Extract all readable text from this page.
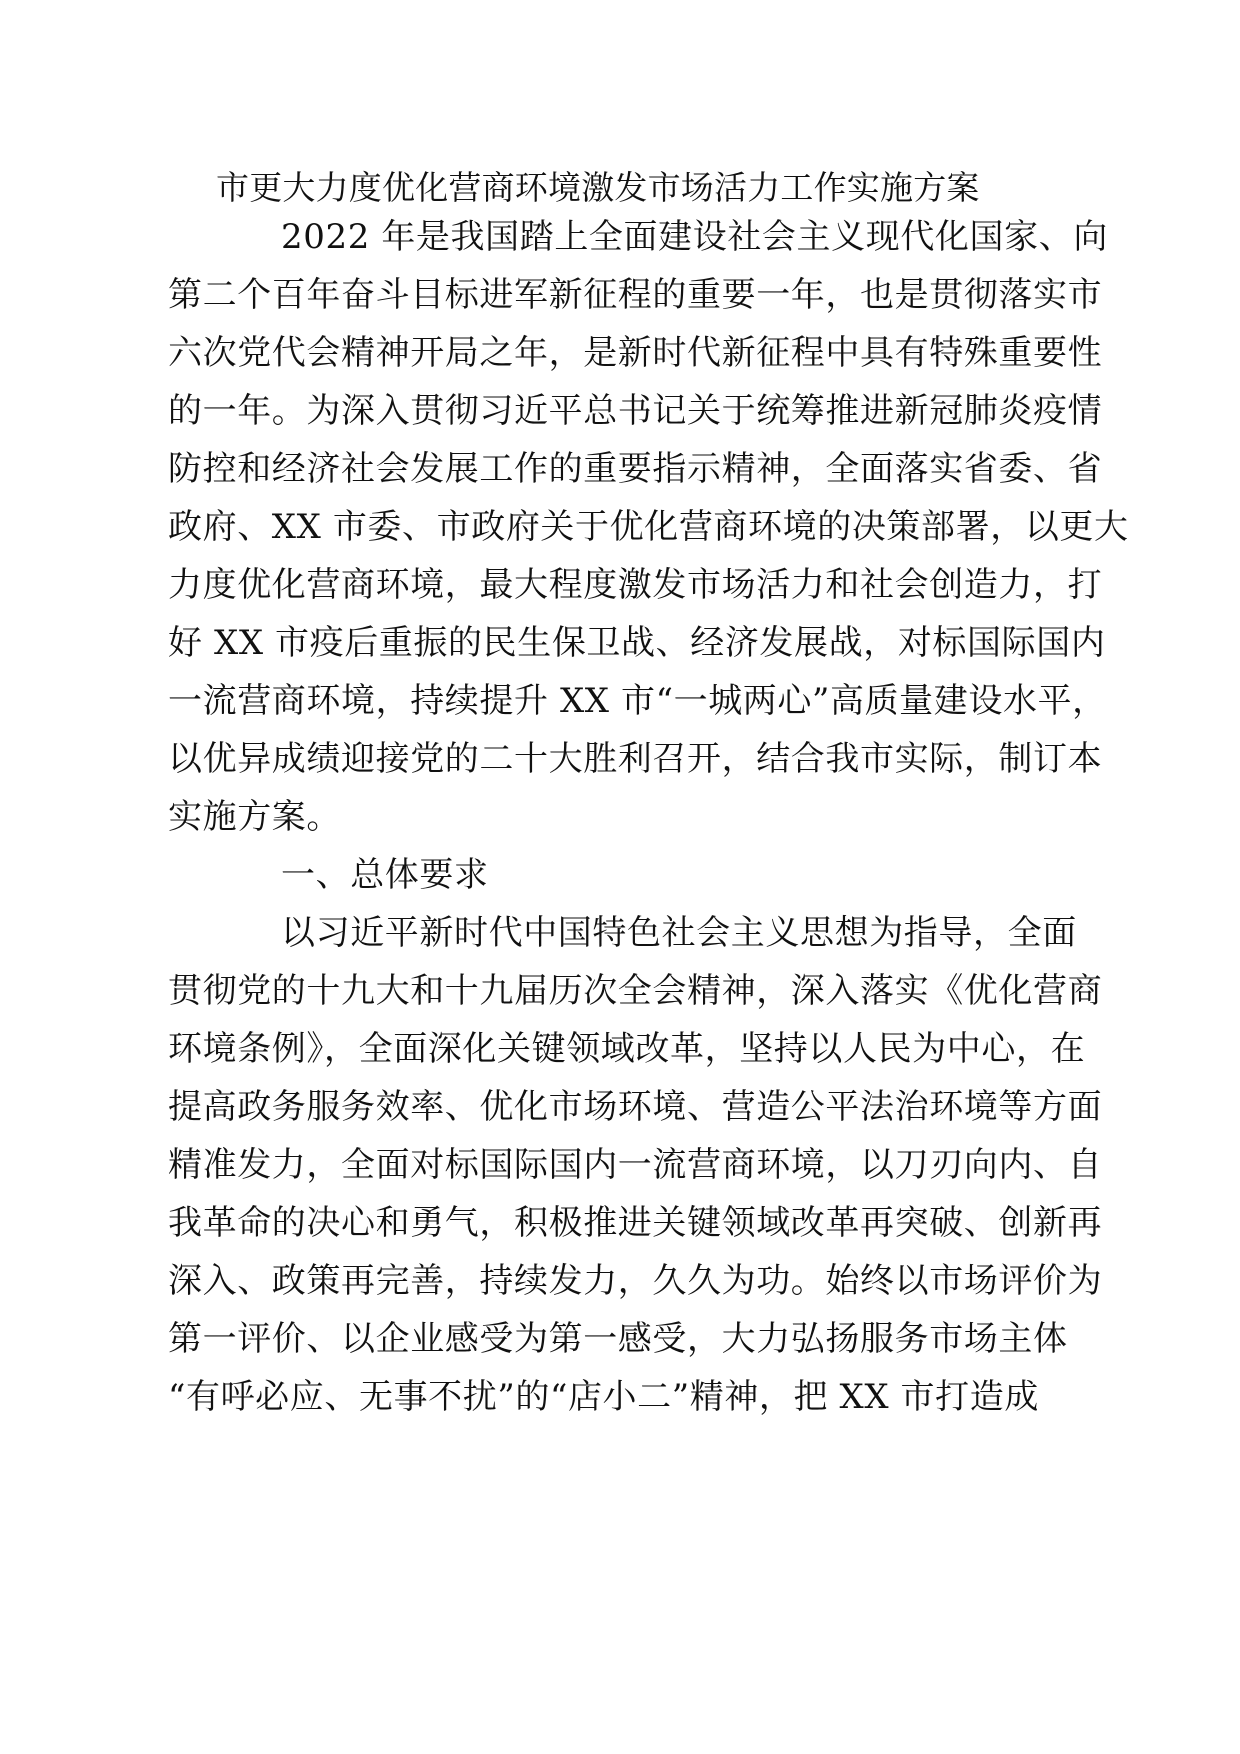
市更大力度优化营商环境激发市场活力工作实施方案
2022 年是我国踏上全面建设社会主义现代化国家、向
第二个百年奋斗目标进军新征程的重要一年，也是贯彻落实市
六次党代会精神开局之年，是新时代新征程中具有特殊重要性
的一年。为深入贯彻习近平总书记关于统筹推进新冠肺炎疫情
防控和经济社会发展工作的重要指示精神，全面落实省委、省
政府、XX 市委、市政府关于优化营商环境的决策部署，以更大
力度优化营商环境，最大程度激发市场活力和社会创造力，打
好 XX 市疫后重振的民生保卫战、经济发展战，对标国际国内
一流营商环境，持续提升 XX 市“一城两心”高质量建设水平，
以优异成绩迎接党的二十大胜利召开，结合我市实际，制订本
实施方案。
一、总体要求
以习近平新时代中国特色社会主义思想为指导，全面
贯彻党的十九大和十九届历次全会精神，深入落实《优化营商
环境条例》，全面深化关键领域改革，坚持以人民为中心，在
提高政务服务效率、优化市场环境、营造公平法治环境等方面
精准发力，全面对标国际国内一流营商环境，以刀刃向内、自
我革命的决心和勇气，积极推进关键领域改革再突破、创新再
深入、政策再完善，持续发力，久久为功。始终以市场评价为
第一评价、以企业感受为第一感受，大力弘扬服务市场主体
“有呼必应、无事不扰”的“店小二”精神，把 XX 市打造成
